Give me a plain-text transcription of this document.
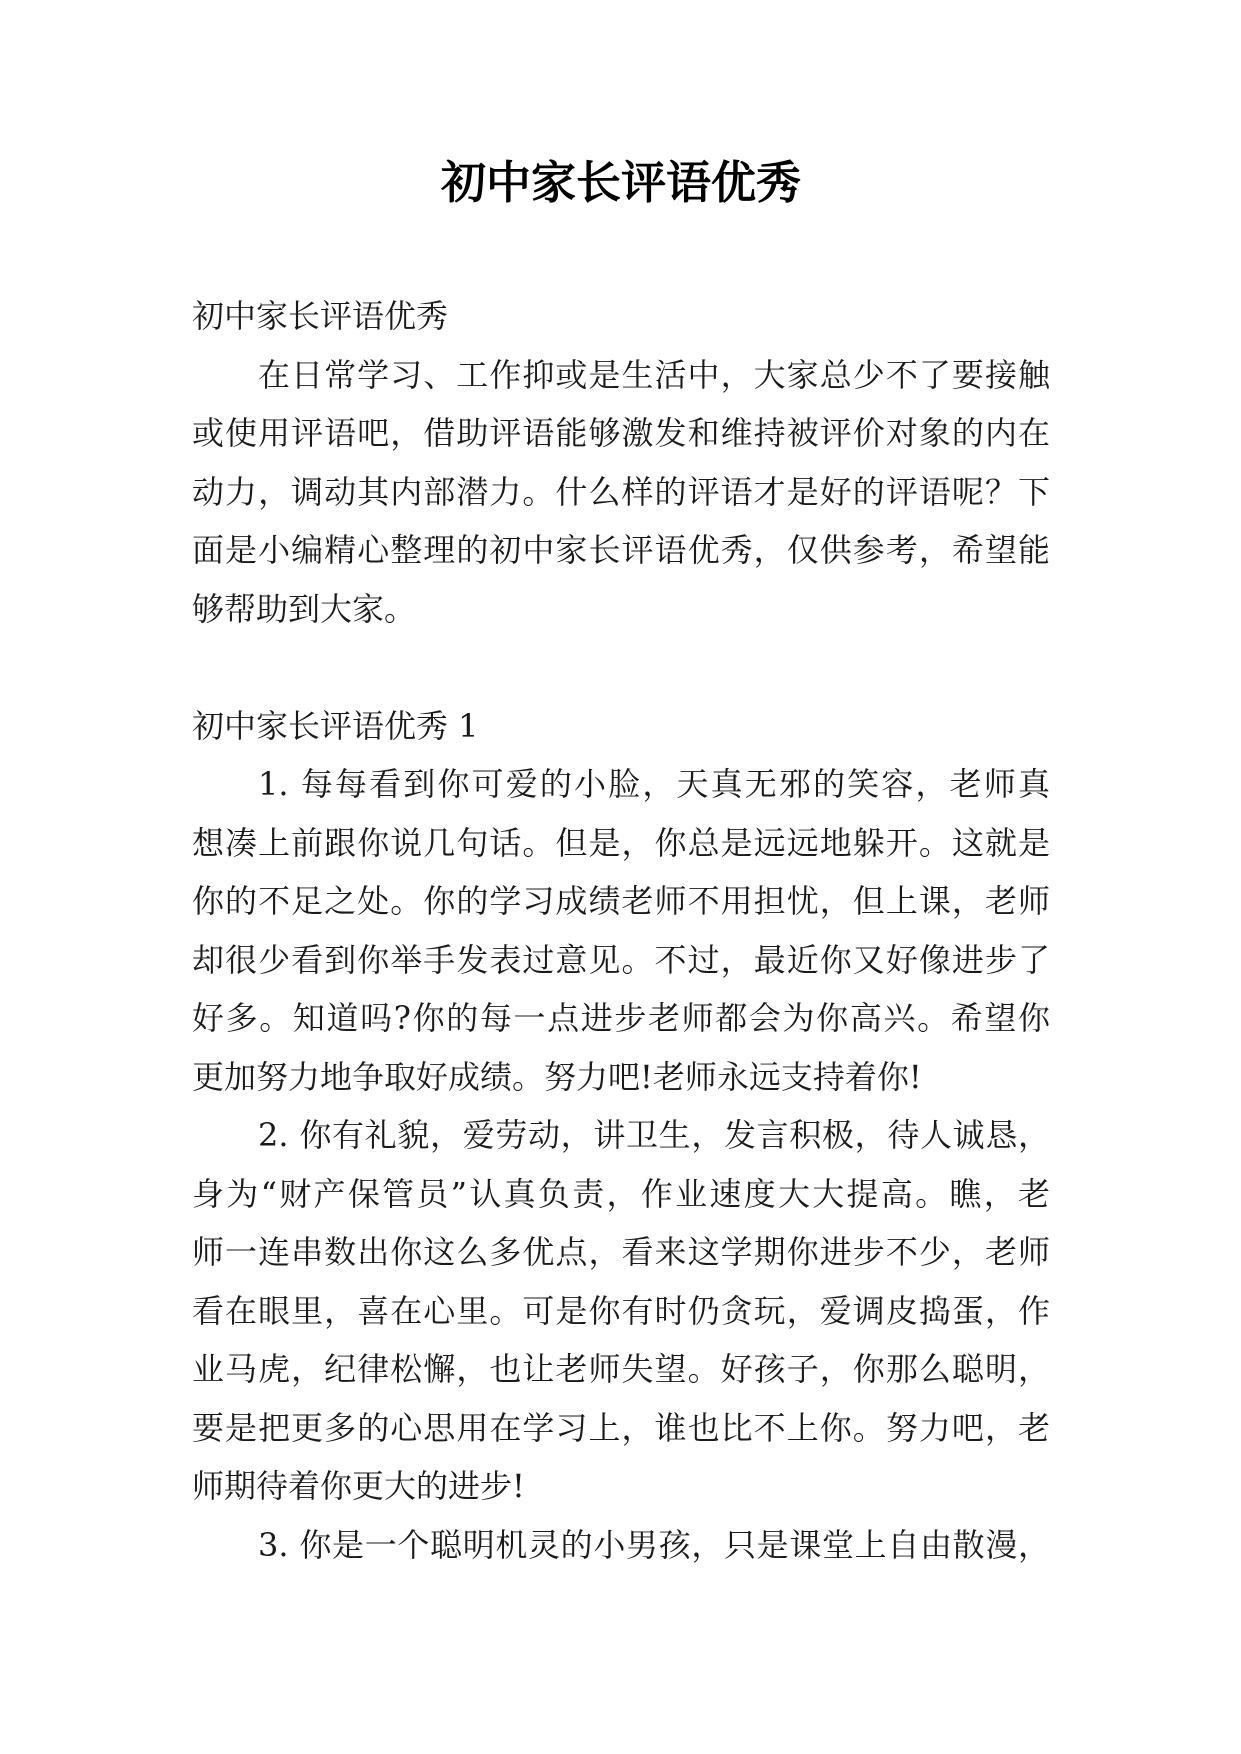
初中家长评语优秀
初中家长评语优秀
在日常学习、工作抑或是生活中，大家总少不了要接触
或使用评语吧，借助评语能够激发和维持被评价对象的内在
动力，调动其内部潜力。什么样的评语才是好的评语呢？下
面是小编精心整理的初中家长评语优秀，仅供参考，希望能
够帮助到大家。
初中家长评语优秀 1
1. 每每看到你可爱的小脸，天真无邪的笑容，老师真
想凑上前跟你说几句话。但是，你总是远远地躲开。这就是
你的不足之处。你的学习成绩老师不用担忧，但上课，老师
却很少看到你举手发表过意见。不过，最近你又好像进步了
好多。知道吗?你的每一点进步老师都会为你高兴。希望你
更加努力地争取好成绩。努力吧!老师永远支持着你!
2. 你有礼貌，爱劳动，讲卫生，发言积极，待人诚恳，
身为“财产保管员”认真负责，作业速度大大提高。瞧，老
师一连串数出你这么多优点，看来这学期你进步不少，老师
看在眼里，喜在心里。可是你有时仍贪玩，爱调皮捣蛋，作
业马虎，纪律松懈，也让老师失望。好孩子，你那么聪明，
要是把更多的心思用在学习上，谁也比不上你。努力吧，老
师期待着你更大的进步!
3. 你是一个聪明机灵的小男孩，只是课堂上自由散漫，
